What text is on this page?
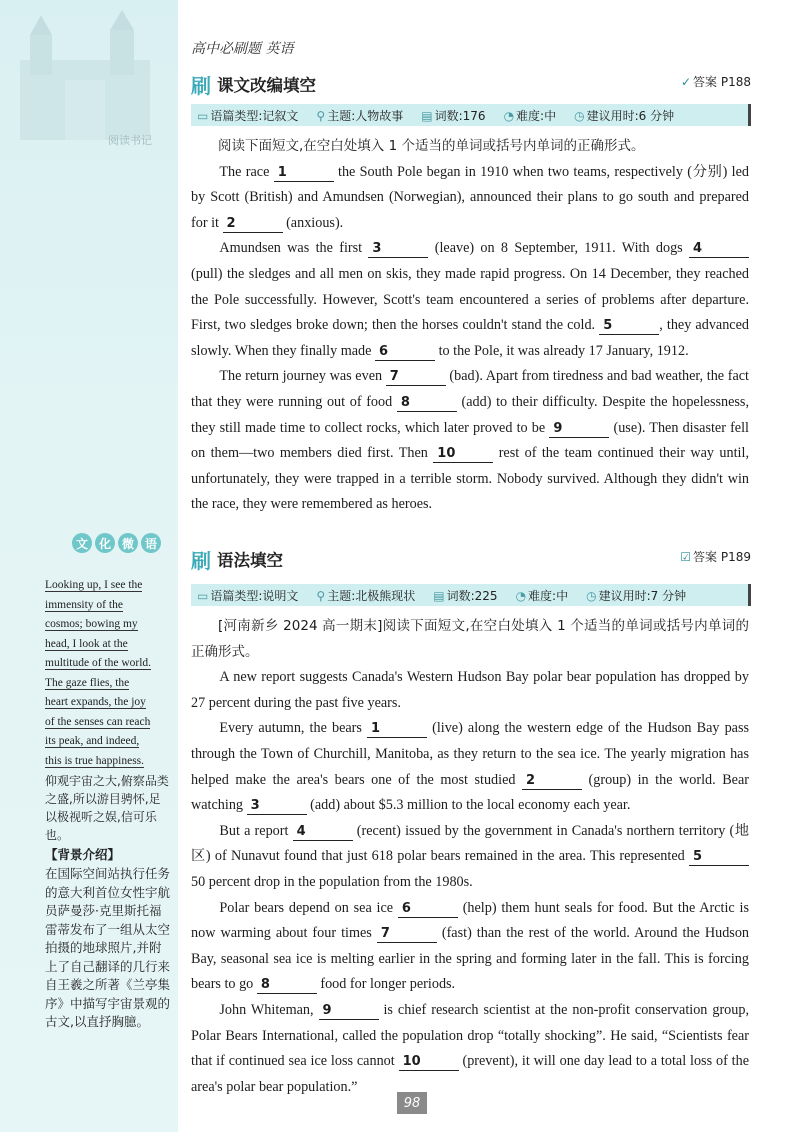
阅读书记
文 化 微 语
Looking up, I see the
immensity of the
cosmos; bowing my
head, I look at the
multitude of the world.
The gaze flies, the
heart expands, the joy
of the senses can reach
its peak, and indeed,
this is true happiness.
仰观宇宙之大,俯察品类之盛,所以游目骋怀,足以极视听之娱,信可乐也。
【背景介绍】
在国际空间站执行任务的意大利首位女性宇航员萨曼莎·克里斯托福雷蒂发布了一组从太空拍摄的地球照片,并附上了自己翻译的几行来自王羲之所著《兰亭集序》中描写宇宙景观的古文,以直抒胸臆。
高中必刷题 英语
刷 课文改编填空	✓ 答案 P188
▭ 语篇类型:记叙文 ⚲ 主题:人物故事 ▤ 词数:176 ◔ 难度:中 ◷ 建议用时:6 分钟

阅读下面短文,在空白处填入 1 个适当的单词或括号内单词的正确形式。

The race 1	the South Pole began in 1910 when two teams, respectively (分别) led by Scott (British) and Amundsen (Norwegian), announced their plans to go south and prepared for it 2	(anxious).

Amundsen was the first 3	(leave) on 8 September, 1911. With dogs 4 (pull) the sledges and all men on skis, they made rapid progress. On 14 December, they reached the Pole successfully. However, Scott's team encountered a series of problems after departure. First, two sledges broke down; then the horses couldn't stand the cold. 5	, they advanced slowly. When they finally made 6	to the Pole, it was already 17 January, 1912.

The return journey was even 7	(bad). Apart from tiredness and bad weather, the fact that they were running out of food 8	(add) to their difficulty. Despite the hopelessness, they still made time to collect rocks, which later proved to be 9	(use). Then disaster fell on them—two members died first. Then 10	rest of the team continued their way until, unfortunately, they were trapped in a terrible storm. Nobody survived. Although they didn't win the race, they were remembered as heroes.

刷 语法填空	☑ 答案 P189
▭ 语篇类型:说明文 ⚲ 主题:北极熊现状 ▤ 词数:225 ◔ 难度:中 ◷ 建议用时:7 分钟

[河南新乡 2024 高一期末]阅读下面短文,在空白处填入 1 个适当的单词或括号内单词的正确形式。

A new report suggests Canada's Western Hudson Bay polar bear population has dropped by 27 percent during the past five years.

Every autumn, the bears 1	(live) along the western edge of the Hudson Bay pass through the Town of Churchill, Manitoba, as they return to the sea ice. The yearly migration has helped make the area's bears one of the most studied 2	(group) in the world. Bear watching 3	(add) about $5.3 million to the local economy each year.

But a report 4	(recent) issued by the government in Canada's northern territory (地区) of Nunavut found that just 618 polar bears remained in the area. This represented 5 50 percent drop in the population from the 1980s.

Polar bears depend on sea ice 6	(help) them hunt seals for food. But the Arctic is now warming about four times 7	(fast) than the rest of the world. Around the Hudson Bay, seasonal sea ice is melting earlier in the spring and forming later in the fall. This is forcing bears to go 8	food for longer periods.

John Whiteman, 9	is chief research scientist at the non-profit conservation group, Polar Bears International, called the population drop “totally shocking”. He said, “Scientists fear that if continued sea ice loss cannot 10	(prevent), it will one day lead to a total loss of the area's polar bear population.”

98
